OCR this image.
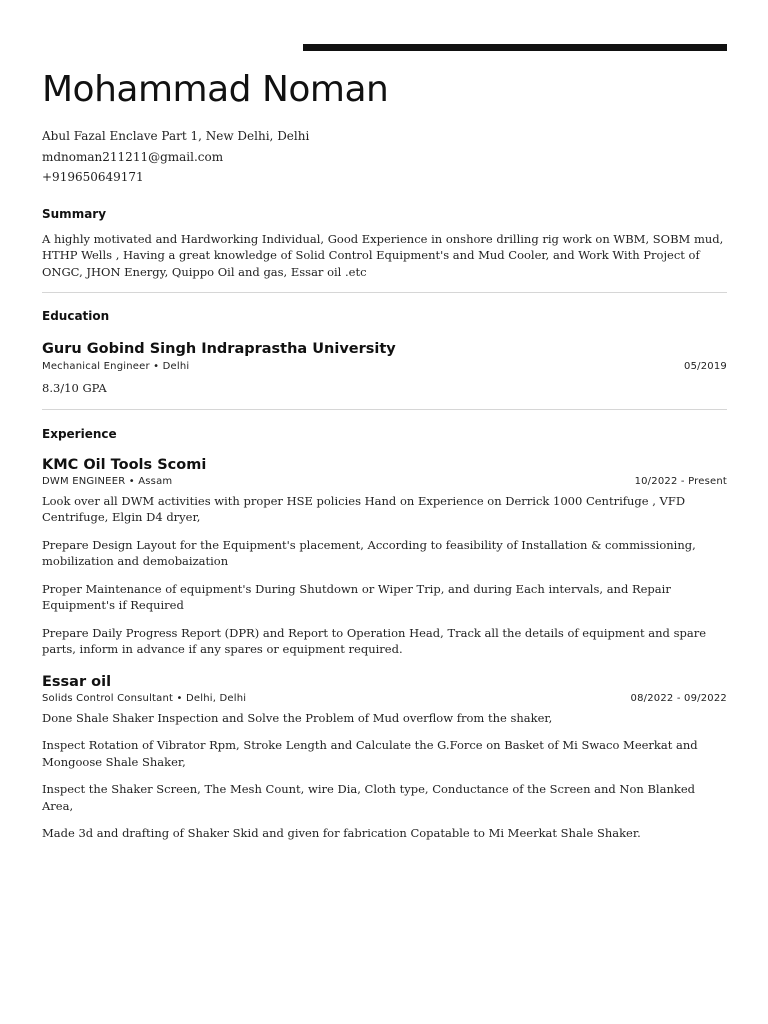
Mohammad Noman
Abul Fazal Enclave Part 1, New Delhi, Delhi
mdnoman211211@gmail.com
+919650649171
Summary

A highly motivated and Hardworking Individual, Good Experience in onshore drilling rig work on WBM, SOBM mud, HTHP Wells , Having a great knowledge of Solid Control Equipment's and Mud Cooler, and Work With Project of ONGC, JHON Energy, Quippo Oil and gas, Essar oil .etc

Education
Guru Gobind Singh Indraprastha University
Mechanical Engineer • Delhi	05/2019

8.3/10 GPA

Experience
KMC Oil Tools Scomi
DWM ENGINEER • Assam	10/2022 - Present

Look over all DWM activities with proper HSE policies Hand on Experience on Derrick 1000 Centrifuge , VFD Centrifuge, Elgin D4 dryer,

Prepare Design Layout for the Equipment's placement, According to feasibility of Installation & commissioning, mobilization and demobaization

Proper Maintenance of equipment's During Shutdown or Wiper Trip, and during Each intervals, and Repair Equipment's if Required

Prepare Daily Progress Report (DPR) and Report to Operation Head, Track all the details of equipment and spare parts, inform in advance if any spares or equipment required.

Essar oil
Solids Control Consultant • Delhi, Delhi	08/2022 - 09/2022

Done Shale Shaker Inspection and Solve the Problem of Mud overflow from the shaker,

Inspect Rotation of Vibrator Rpm, Stroke Length and Calculate the G.Force on Basket of Mi Swaco Meerkat and Mongoose Shale Shaker,

Inspect the Shaker Screen, The Mesh Count, wire Dia, Cloth type, Conductance of the Screen and Non Blanked Area,

Made 3d and drafting of Shaker Skid and given for fabrication Copatable to Mi Meerkat Shale Shaker.
